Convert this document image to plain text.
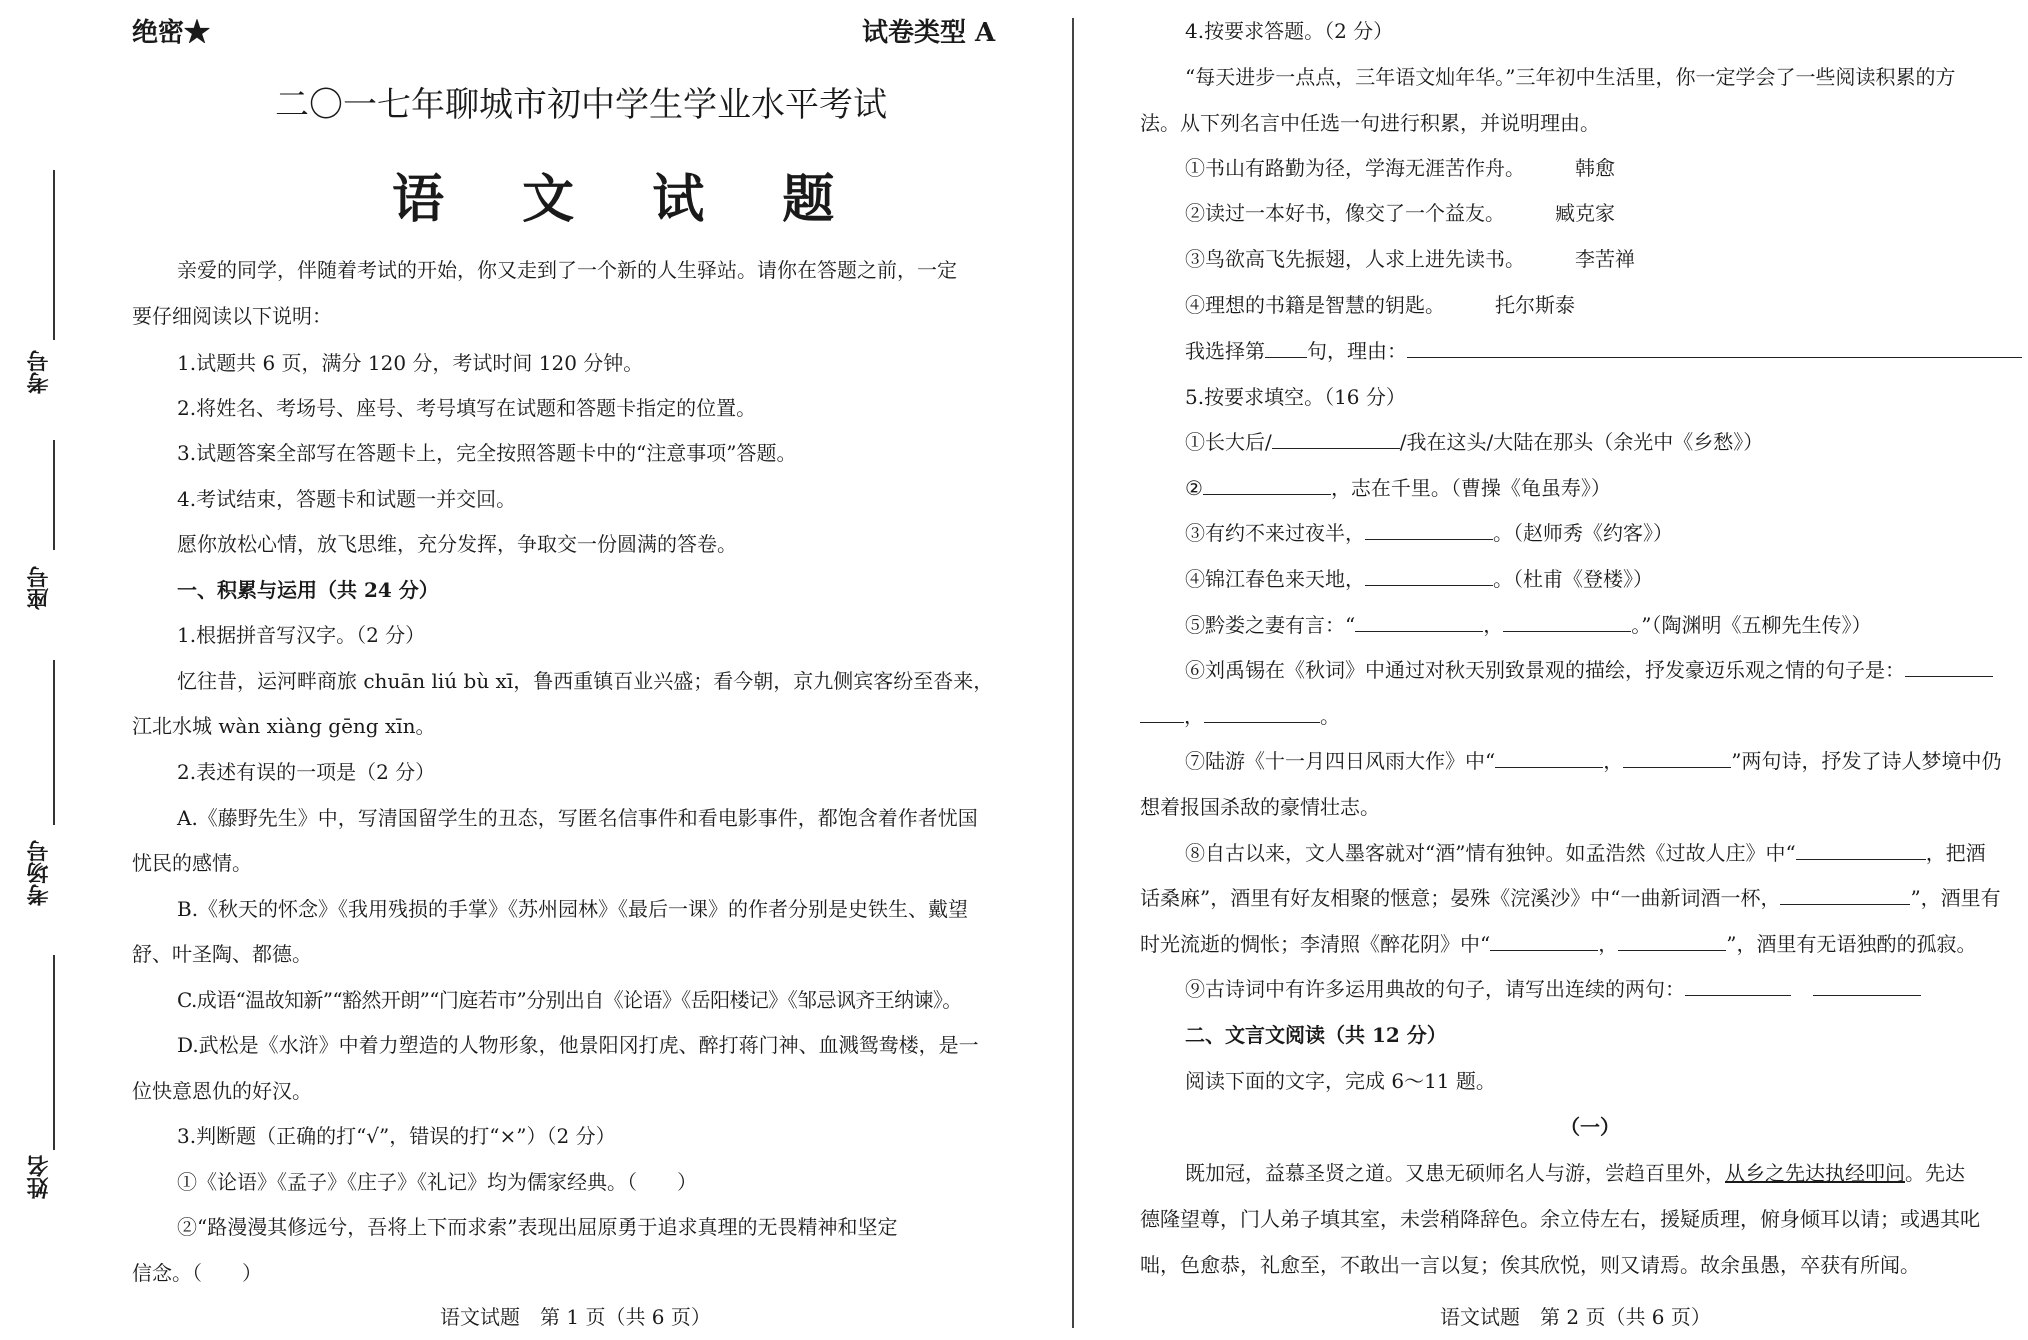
绝密★	试卷类型 A
二〇一七年聊城市初中学生学业水平考试
语 文 试 题
亲爱的同学，伴随着考试的开始，你又走到了一个新的人生驿站。请你在答题之前，一定
要仔细阅读以下说明：
1.试题共 6 页，满分 120 分，考试时间 120 分钟。
2.将姓名、考场号、座号、考号填写在试题和答题卡指定的位置。
3.试题答案全部写在答题卡上，完全按照答题卡中的“注意事项”答题。
4.考试结束，答题卡和试题一并交回。
愿你放松心情，放飞思维，充分发挥，争取交一份圆满的答卷。
一、积累与运用（共 24 分）
1.根据拼音写汉字。（2 分）
忆往昔，运河畔商旅 chuān liú bù xī，鲁西重镇百业兴盛；看今朝，京九侧宾客纷至沓来，
江北水城 wàn xiàng gēng xīn。
2.表述有误的一项是（2 分）
A.《藤野先生》中，写清国留学生的丑态，写匿名信事件和看电影事件，都饱含着作者忧国
忧民的感情。
B.《秋天的怀念》《我用残损的手掌》《苏州园林》《最后一课》的作者分别是史铁生、戴望
舒、叶圣陶、都德。
C.成语“温故知新”“豁然开朗”“门庭若市”分别出自《论语》《岳阳楼记》《邹忌讽齐王纳谏》。
D.武松是《水浒》中着力塑造的人物形象，他景阳冈打虎、醉打蒋门神、血溅鸳鸯楼，是一
位快意恩仇的好汉。
3.判断题（正确的打“√”，错误的打“×”）（2 分）
①《论语》《孟子》《庄子》《礼记》均为儒家经典。（　　）
②“路漫漫其修远兮，吾将上下而求索”表现出屈原勇于追求真理的无畏精神和坚定
信念。（　　）
语文试题　第 1 页（共 6 页）
考号
座号
考场号
姓名
4.按要求答题。（2 分）
“每天进步一点点，三年语文灿年华。”三年初中生活里，你一定学会了一些阅读积累的方
法。从下列名言中任选一句进行积累，并说明理由。
①书山有路勤为径，学海无涯苦作舟。	韩愈
②读过一本好书，像交了一个益友。	臧克家
③鸟欲高飞先振翅，人求上进先读书。	李苦禅
④理想的书籍是智慧的钥匙。	托尔斯泰
我选择第 句，理由：
5.按要求填空。（16 分）
①长大后/	/我在这头/大陆在那头（余光中《乡愁》）
②	，志在千里。（曹操《龟虽寿》）
③有约不来过夜半，	。（赵师秀《约客》）
④锦江春色来天地，	。（杜甫《登楼》）
⑤黔娄之妻有言：“	，	。”（陶渊明《五柳先生传》）
⑥刘禹锡在《秋词》中通过对秋天别致景观的描绘，抒发豪迈乐观之情的句子是：
，	。
⑦陆游《十一月四日风雨大作》中“	，	”两句诗，抒发了诗人梦境中仍
想着报国杀敌的豪情壮志。
⑧自古以来，文人墨客就对“酒”情有独钟。如孟浩然《过故人庄》中“	，把酒
话桑麻”，酒里有好友相聚的惬意；晏殊《浣溪沙》中“一曲新词酒一杯，	”，酒里有
时光流逝的惆怅；李清照《醉花阴》中“	，	”，酒里有无语独酌的孤寂。
⑨古诗词中有许多运用典故的句子，请写出连续的两句：
二、文言文阅读（共 12 分）
阅读下面的文字，完成 6～11 题。
（一）
既加冠，益慕圣贤之道。又患无硕师名人与游，尝趋百里外，从乡之先达执经叩问。先达
德隆望尊，门人弟子填其室，未尝稍降辞色。余立侍左右，援疑质理，俯身倾耳以请；或遇其叱
咄，色愈恭，礼愈至，不敢出一言以复；俟其欣悦，则又请焉。故余虽愚，卒获有所闻。
语文试题　第 2 页（共 6 页）
